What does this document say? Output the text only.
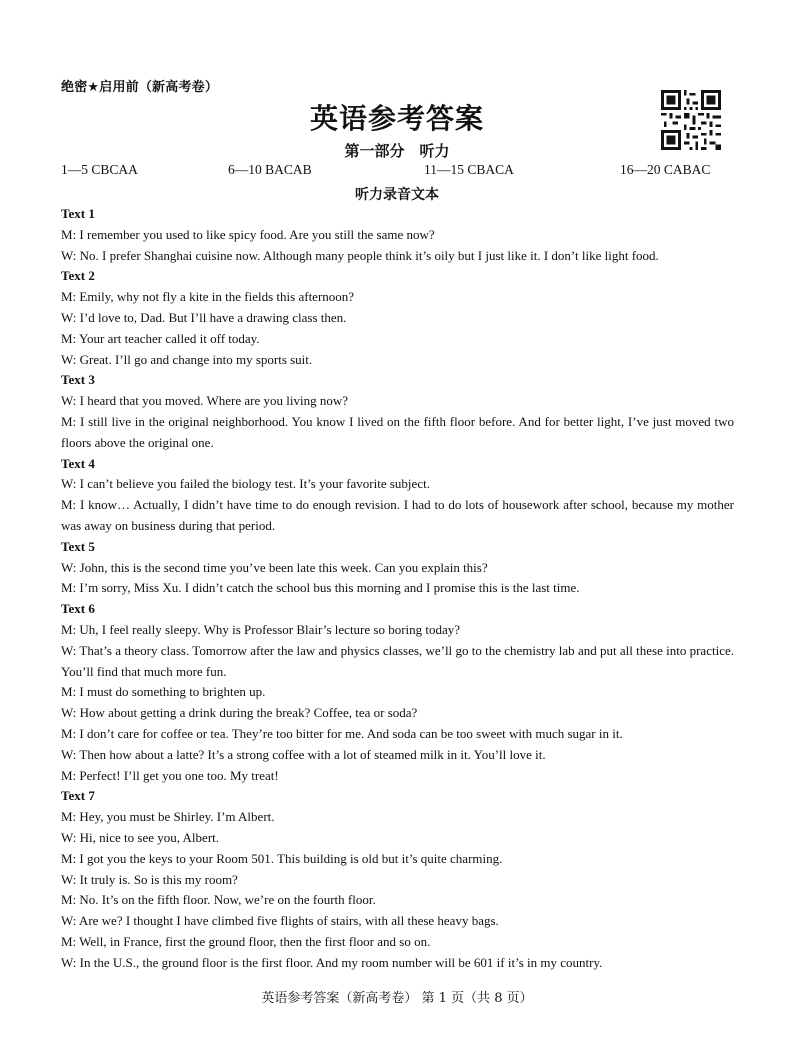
绝密★启用前（新高考卷）
英语参考答案
第一部分　听力
1—5 CBCAA	6—10 BACAB	11—15 CBACA	16—20 CABAC
听力录音文本

Text 1

M: I remember you used to like spicy food. Are you still the same now?

W: No. I prefer Shanghai cuisine now. Although many people think it’s oily but I just like it. I don’t like light food.

Text 2

M: Emily, why not fly a kite in the fields this afternoon?

W: I’d love to, Dad. But I’ll have a drawing class then.

M: Your art teacher called it off today.

W: Great. I’ll go and change into my sports suit.

Text 3

W: I heard that you moved. Where are you living now?

M: I still live in the original neighborhood. You know I lived on the fifth floor before. And for better light, I’ve just moved two floors above the original one.

Text 4

W: I can’t believe you failed the biology test. It’s your favorite subject.

M: I know… Actually, I didn’t have time to do enough revision. I had to do lots of housework after school, because my mother was away on business during that period.

Text 5

W: John, this is the second time you’ve been late this week. Can you explain this?

M: I’m sorry, Miss Xu. I didn’t catch the school bus this morning and I promise this is the last time.

Text 6

M: Uh, I feel really sleepy. Why is Professor Blair’s lecture so boring today?

W: That’s a theory class. Tomorrow after the law and physics classes, we’ll go to the chemistry lab and put all these into practice. You’ll find that much more fun.

M: I must do something to brighten up.

W: How about getting a drink during the break? Coffee, tea or soda?

M: I don’t care for coffee or tea. They’re too bitter for me. And soda can be too sweet with much sugar in it.

W: Then how about a latte? It’s a strong coffee with a lot of steamed milk in it. You’ll love it.

M: Perfect! I’ll get you one too. My treat!

Text 7

M: Hey, you must be Shirley. I’m Albert.

W: Hi, nice to see you, Albert.

M: I got you the keys to your Room 501. This building is old but it’s quite charming.

W: It truly is. So is this my room?

M: No. It’s on the fifth floor. Now, we’re on the fourth floor.

W: Are we? I thought I have climbed five flights of stairs, with all these heavy bags.

M: Well, in France, first the ground floor, then the first floor and so on.

W: In the U.S., the ground floor is the first floor. And my room number will be 601 if it’s in my country.

英语参考答案（新高考卷） 第 1 页（共 8 页）
